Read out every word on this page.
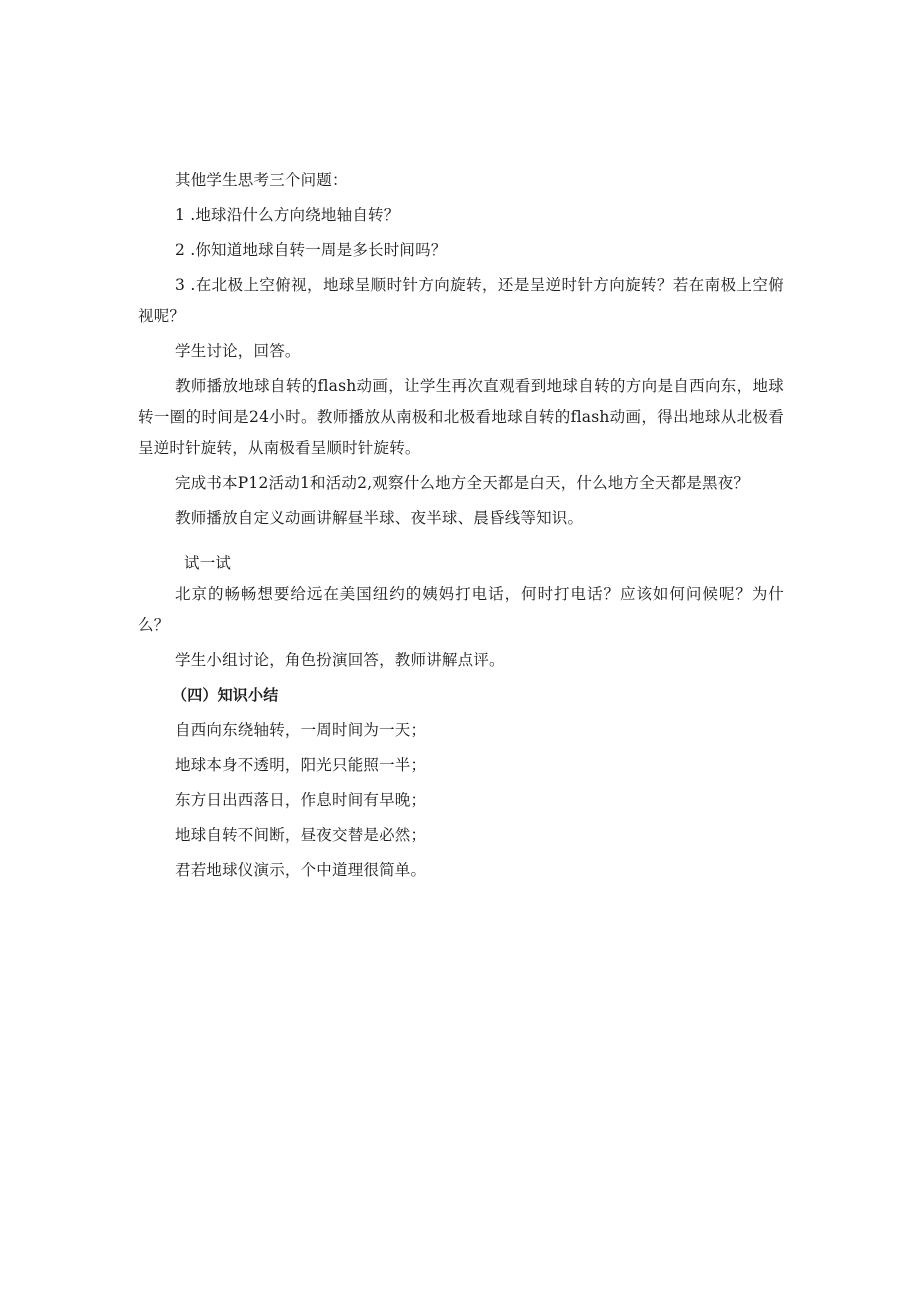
其他学生思考三个问题：

1 .地球沿什么方向绕地轴自转？

2 .你知道地球自转一周是多长时间吗？

3 .在北极上空俯视，地球呈顺时针方向旋转，还是呈逆时针方向旋转？若在南极上空俯视呢？

学生讨论，回答。

教师播放地球自转的flash动画，让学生再次直观看到地球自转的方向是自西向东，地球转一圈的时间是24小时。教师播放从南极和北极看地球自转的flash动画，得出地球从北极看呈逆时针旋转，从南极看呈顺时针旋转。

完成书本P12活动1和活动2,观察什么地方全天都是白天，什么地方全天都是黑夜？

教师播放自定义动画讲解昼半球、夜半球、晨昏线等知识。

试一试

北京的畅畅想要给远在美国纽约的姨妈打电话，何时打电话？应该如何问候呢？为什么？

学生小组讨论，角色扮演回答，教师讲解点评。

（四）知识小结

自西向东绕轴转，一周时间为一天；

地球本身不透明，阳光只能照一半；

东方日出西落日，作息时间有早晚；

地球自转不间断，昼夜交替是必然；

君若地球仪演示，个中道理很简单。
